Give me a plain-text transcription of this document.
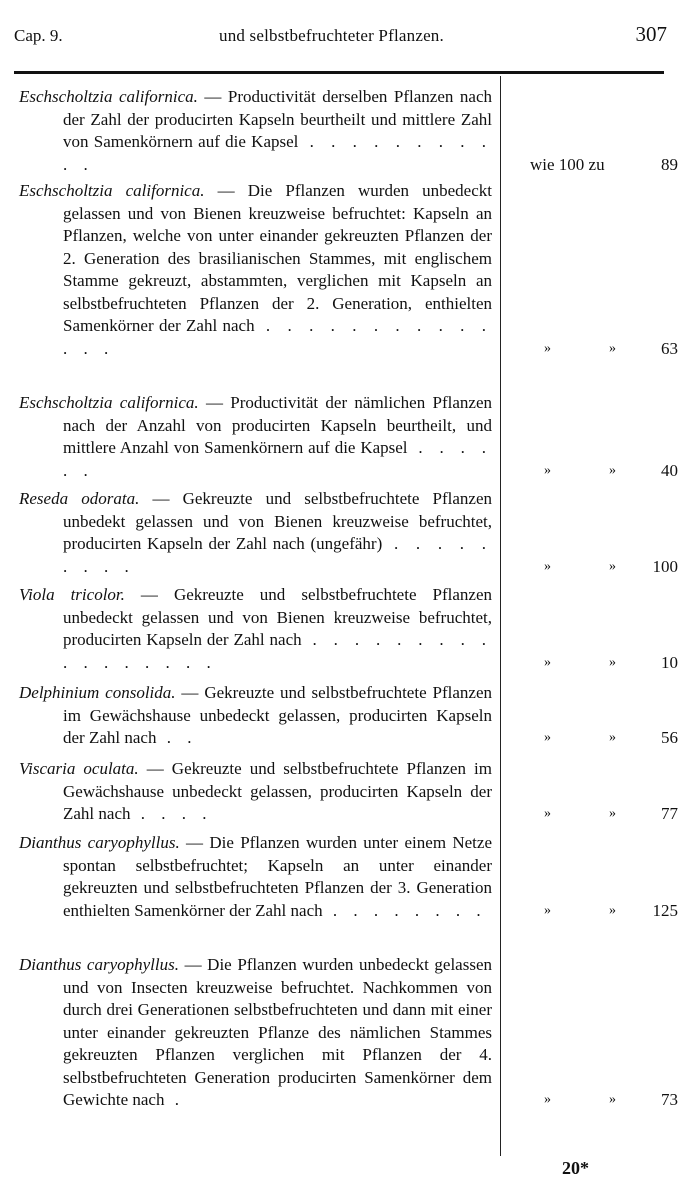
Cap. 9.	und selbstbefruchteter Pflanzen.	307
Eschscholtzia californica. — Productivität derselben Pflanzen nach der Zahl der producirten Kapseln beurtheilt und mittlere Zahl von Samenkörnern auf die Kapsel . . . . . . . . . . .	wie 100 zu	89
Eschscholtzia californica. — Die Pflanzen wurden unbedeckt gelassen und von Bienen kreuzweise befruchtet: Kapseln an Pflanzen, welche von unter einander gekreuzten Pflanzen der 2. Generation des brasilianischen Stammes, mit englischem Stamme gekreuzt, abstammten, verglichen mit Kapseln an selbstbefruchteten Pflanzen der 2. Generation, enthielten Samenkörner der Zahl nach . . . . . . . . . . . . . .	»	»	63
Eschscholtzia californica. — Productivität der nämlichen Pflanzen nach der Anzahl von producirten Kapseln beurtheilt, und mittlere Anzahl von Samenkörnern auf die Kapsel . . . . . .	»	»	40
Reseda odorata. — Gekreuzte und selbstbefruchtete Pflanzen unbedekt gelassen und von Bienen kreuzweise befruchtet, producirten Kapseln der Zahl nach (ungefähr) . . . . . . . . .	»	» 100
Viola tricolor. — Gekreuzte und selbstbefruchtete Pflanzen unbedeckt gelassen und von Bienen kreuzweise befruchtet, producirten Kapseln der Zahl nach . . . . . . . . . . . . . . . . .	»	»	10
Delphinium consolida. — Gekreuzte und selbstbefruchtete Pflanzen im Gewächshause unbedeckt gelassen, producirten Kapseln der Zahl nach . .	»	»	56
Viscaria oculata. — Gekreuzte und selbstbefruchtete Pflanzen im Gewächshause unbedeckt gelassen, producirten Kapseln der Zahl nach . . . .	»	»	77
Dianthus caryophyllus. — Die Pflanzen wurden unter einem Netze spontan selbstbefruchtet; Kapseln an unter einander gekreuzten und selbstbefruchteten Pflanzen der 3. Generation enthielten Samenkörner der Zahl nach . . . . . . . .	»	» 125
Dianthus caryophyllus. — Die Pflanzen wurden unbedeckt gelassen und von Insecten kreuzweise befruchtet. Nachkommen von durch drei Generationen selbstbefruchteten und dann mit einer unter einander gekreuzten Pflanze des nämlichen Stammes gekreuzten Pflanzen verglichen mit Pflanzen der 4. selbstbefruchteten Generation producirten Samenkörner dem Gewichte nach .	»	»	73
20*
